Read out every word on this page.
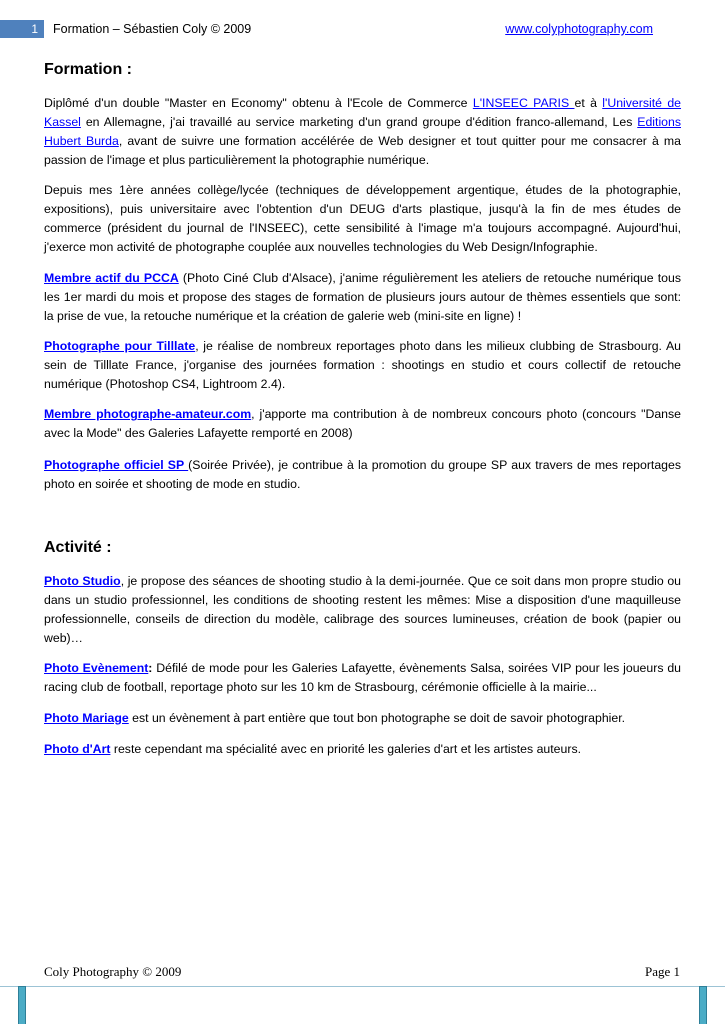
1	Formation – Sébastien Coly © 2009	www.colyphotography.com
Formation :
Diplômé d'un double "Master en Economy" obtenu à l'Ecole de Commerce L'INSEEC PARIS et à l'Université de Kassel en Allemagne, j'ai travaillé au service marketing d'un grand groupe d'édition franco-allemand, Les Editions Hubert Burda, avant de suivre une formation accélérée de Web designer et tout quitter pour me consacrer à ma passion de l'image et plus particulièrement la photographie numérique.
Depuis mes 1ère années collège/lycée (techniques de développement argentique, études de la photographie, expositions), puis universitaire avec l'obtention d'un DEUG d'arts plastique, jusqu'à la fin de mes études de commerce (président du journal de l'INSEEC), cette sensibilité à l'image m'a toujours accompagné. Aujourd'hui, j'exerce mon activité de photographe couplée aux nouvelles technologies du Web Design/Infographie.
Membre actif du PCCA (Photo Ciné Club d'Alsace), j'anime régulièrement les ateliers de retouche numérique tous les 1er mardi du mois et propose des stages de formation de plusieurs jours autour de thèmes essentiels que sont: la prise de vue, la retouche numérique et la création de galerie web (mini-site en ligne) !
Photographe pour Tilllate, je réalise de nombreux reportages photo dans les milieux clubbing de Strasbourg. Au sein de Tilllate France, j'organise des journées formation : shootings en studio et cours collectif de retouche numérique (Photoshop CS4, Lightroom 2.4).
Membre photographe-amateur.com, j'apporte ma contribution à de nombreux concours photo (concours "Danse avec la Mode" des Galeries Lafayette remporté en 2008)
Photographe officiel SP (Soirée Privée), je contribue à la promotion du groupe SP aux travers de mes reportages photo en soirée et shooting de mode en studio.
Activité :
Photo Studio, je propose des séances de shooting studio à la demi-journée. Que ce soit dans mon propre studio ou dans un studio professionnel, les conditions de shooting restent les mêmes: Mise a disposition d'une maquilleuse professionnelle, conseils de direction du modèle, calibrage des sources lumineuses, création de book (papier ou web)…
Photo Evènement: Défilé de mode pour les Galeries Lafayette, évènements Salsa, soirées VIP pour les joueurs du racing club de football, reportage photo sur les 10 km de Strasbourg, cérémonie officielle à la mairie...
Photo Mariage est un évènement à part entière que tout bon photographe se doit de savoir photographier.
Photo d'Art reste cependant ma spécialité avec en priorité les galeries d'art et les artistes auteurs.
Coly Photography © 2009	Page 1
